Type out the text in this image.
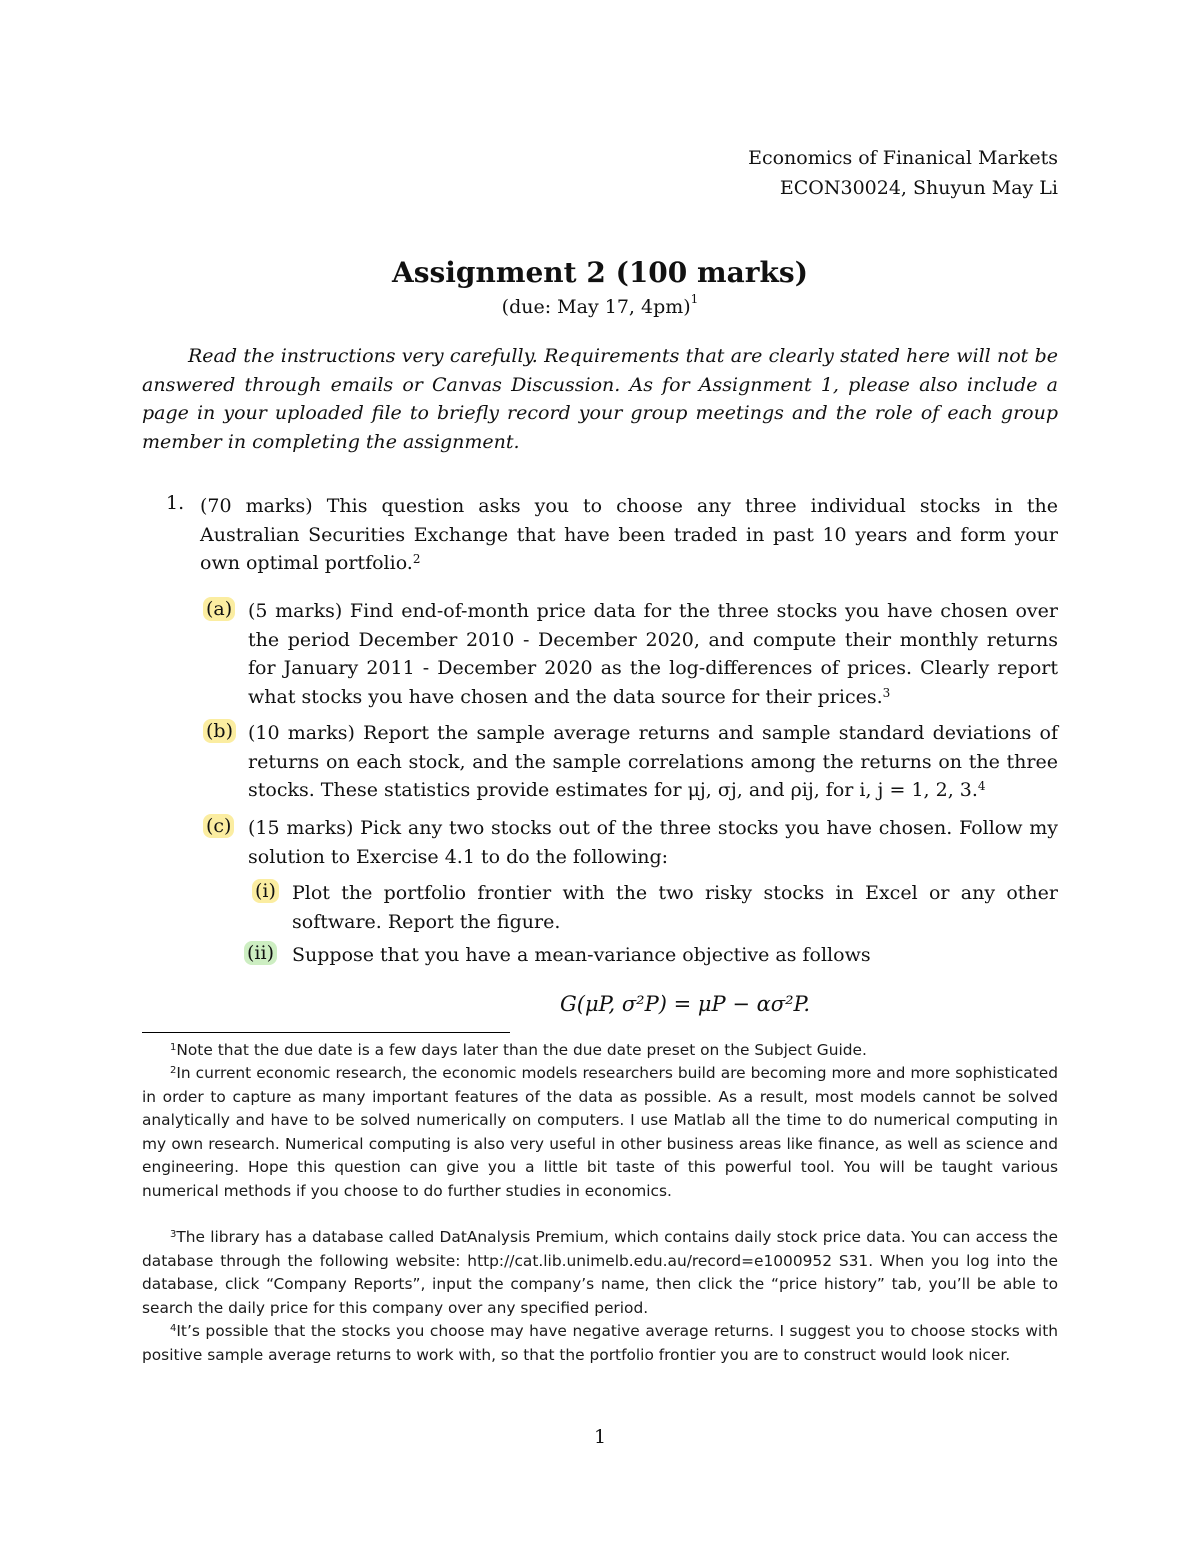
Economics of Finanical Markets
ECON30024, Shuyun May Li
Assignment 2 (100 marks)
(due: May 17, 4pm)$^1$
Read the instructions very carefully. Requirements that are clearly stated here will not be answered through emails or Canvas Discussion. As for Assignment 1, please also include a page in your uploaded file to briefly record your group meetings and the role of each group member in completing the assignment.
1. (70 marks) This question asks you to choose any three individual stocks in the Australian Securities Exchange that have been traded in past 10 years and form your own optimal portfolio.$^2$
(a) (5 marks) Find end-of-month price data for the three stocks you have chosen over the period December 2010 - December 2020, and compute their monthly returns for January 2011 - December 2020 as the log-differences of prices. Clearly report what stocks you have chosen and the data source for their prices.$^3$
(b) (10 marks) Report the sample average returns and sample standard deviations of returns on each stock, and the sample correlations among the returns on the three stocks. These statistics provide estimates for μj, σj, and ρij, for i, j = 1, 2, 3.$^4$
(c) (15 marks) Pick any two stocks out of the three stocks you have chosen. Follow my solution to Exercise 4.1 to do the following:
(i) Plot the portfolio frontier with the two risky stocks in Excel or any other software. Report the figure.
(ii) Suppose that you have a mean-variance objective as follows
G(μP, σ²P) = μP − ασ²P.
$^1$Note that the due date is a few days later than the due date preset on the Subject Guide.
$^2$In current economic research, the economic models researchers build are becoming more and more sophisticated in order to capture as many important features of the data as possible. As a result, most models cannot be solved analytically and have to be solved numerically on computers. I use Matlab all the time to do numerical computing in my own research. Numerical computing is also very useful in other business areas like finance, as well as science and engineering. Hope this question can give you a little bit taste of this powerful tool. You will be taught various numerical methods if you choose to do further studies in economics.
$^3$The library has a database called DatAnalysis Premium, which contains daily stock price data. You can access the database through the following website: http://cat.lib.unimelb.edu.au/record=e1000952 S31. When you log into the database, click “Company Reports”, input the company’s name, then click the “price history” tab, you’ll be able to search the daily price for this company over any specified period.
$^4$It’s possible that the stocks you choose may have negative average returns. I suggest you to choose stocks with positive sample average returns to work with, so that the portfolio frontier you are to construct would look nicer.
1
